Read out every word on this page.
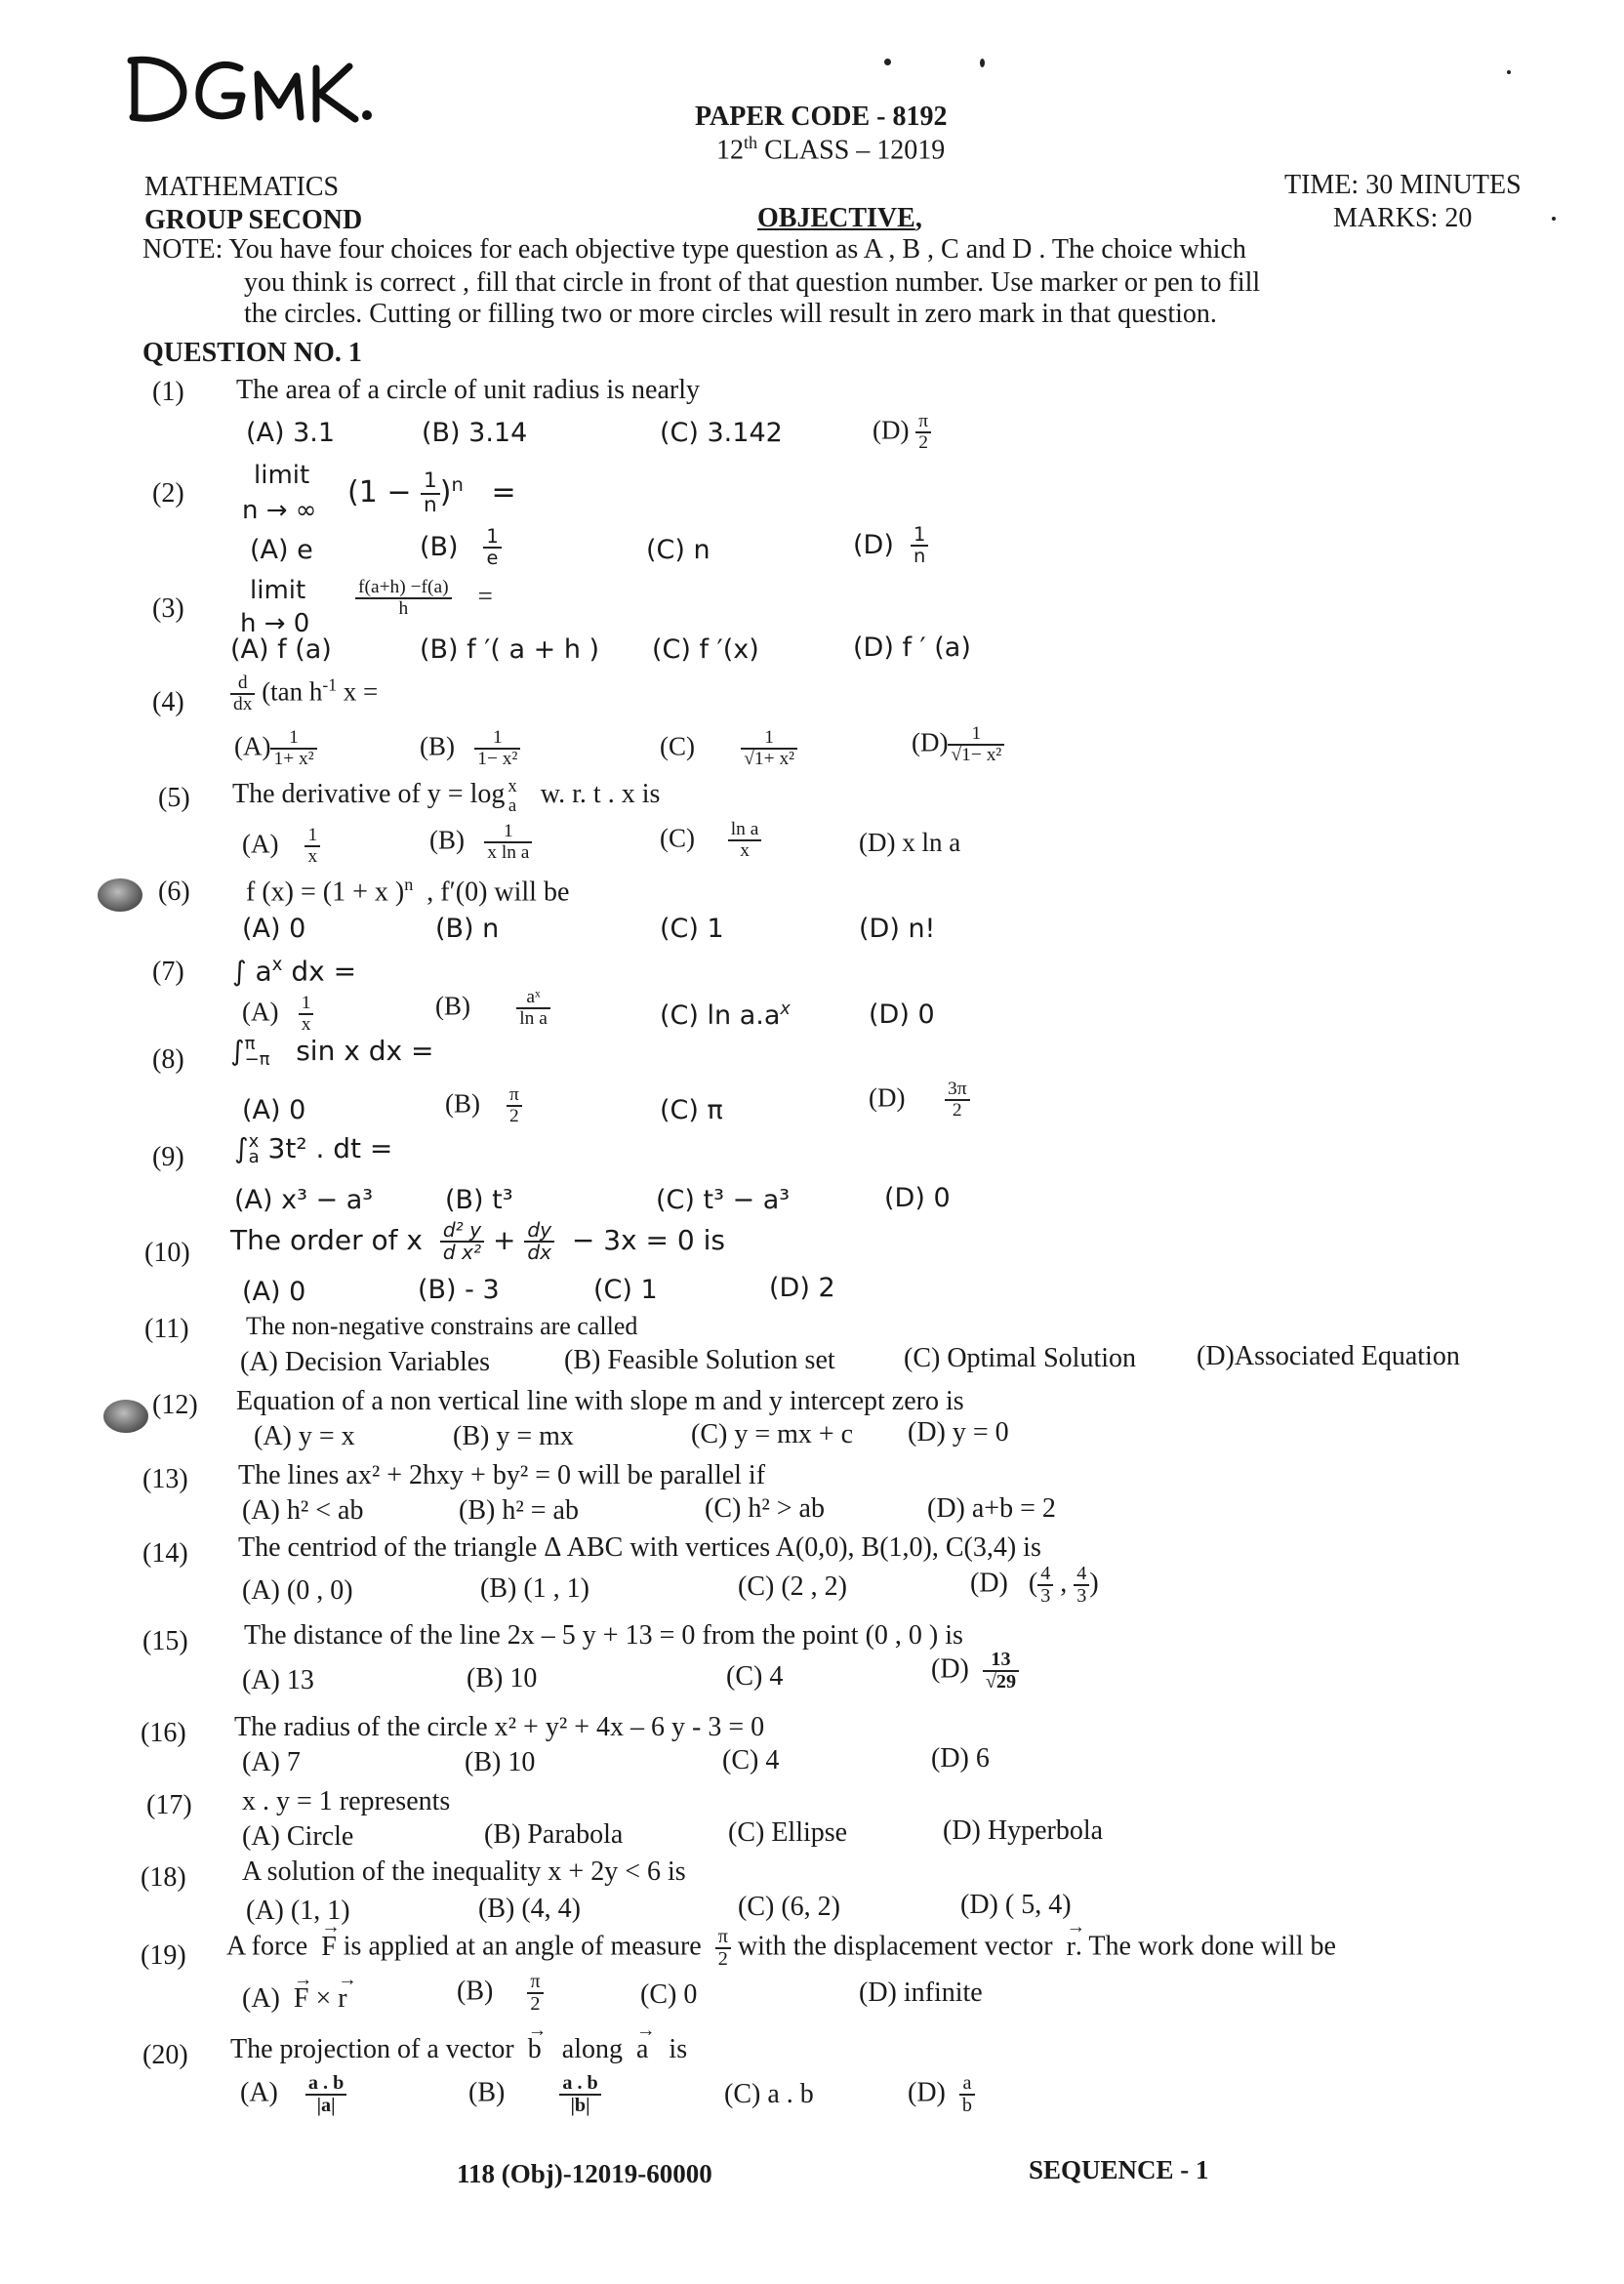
PAPER CODE - 8192
12th CLASS – 12019
MATHEMATICS
GROUP SECOND	OBJECTIVE,
TIME: 30 MINUTES
MARKS: 20
NOTE: You have four choices for each objective type question as A , B , C and D . The choice which
you think is correct , fill that circle in front of that question number. Use marker or pen to fill
the circles. Cutting or filling two or more circles will result in zero mark in that question.
QUESTION NO. 1
(1) The area of a circle of unit radius is nearly
(A) 3.1	(B) 3.14	(C) 3.142	$(D) \frac{\pi}{2}$
(2)
limit
n → ∞
$(1 - \frac{1}{n} )^n$ =
(A) e	$(B) \frac{1}{e}$	(C) n	$(D) \frac{1}{n}$
(3)
limit
h → 0
$\frac{f(a+h) -f(a)}{h}$ =
(A) f (a)	(B) f ′( a + h ) (C) f ′(x)	(D) f ′ (a)
$(4) \frac{d}{dx} (\tan$ $h^{-1}$ x =
$(A) \frac{1}{\text{1+ x²}}$	$(B) \frac{1}{\text{1− x²}}$	$(C) \frac{1}{\text{√1+ x²}}$	$(D) \frac{1}{\text{√1− x²}}$
(5) The derivative of y = log x
a w. r. t . x is
$(A) \frac{1}{x}$	$(B) \frac{1}{\text{x ln a}}$	$(C) \frac{\text{ln a}}{x}$	(D) x ln a
(6) f (x) = (1 + x )$^n$ , f′(0) will be
(A) 0	(B) n	(C) 1	(D) n!
(7) ∫ $a^x$ dx =
$(A) \frac{1}{x}$	$(B) \frac{\text{aˣ}}{\text{ln a}}$	(C) $\ln a.a^x$	(D) 0
(8) ∫ π
−π sin x dx =
(A) 0	$(B) \frac{\pi}{2}$	(C) π	$(D) \frac{3\pi}{2}$
(9) ∫ x
a 3t² . dt =
(A) x³ − a³	(B) t³	(C) t³ − a³	(D) 0
(10) The order of x $\frac{\text{d² y}}{\text{d x²}} + \frac{dy}{dx} - 3x = 0$ is
(A) 0	(B) - 3	(C) 1	(D) 2
(11) The non-negative constrains are called
(A) Decision Variables	(B) Feasible Solution set	(C) Optimal Solution (D)Associated Equation
(12) Equation of a non vertical line with slope m and y intercept zero is
(A) y = x	(B) y = mx	(C) y = mx + c (D) y = 0
(13) The lines ax² + 2hxy + by² = 0 will be parallel if
(A) h² < ab	(B) h² = ab	(C) h² > ab	(D) a+b = 2
(14) The centriod of the triangle Δ ABC with vertices A(0,0), B(1,0), C(3,4) is
(A) (0 , 0)	(B) (1 , 1)	(C) (2 , 2)	(D)   ( $\frac{4}{3}$ , $\frac{4}{3}$ )
(15) The distance of the line 2x – 5 y + 13 = 0 from the point (0 , 0 ) is
(A) 13	(B) 10	(C) 4	$(D) \frac{13}{√29}$
(16) The radius of the circle x² + y² + 4x – 6 y - 3 = 0
(A) 7	(B) 10	(C) 4	(D) 6
(17) x . y = 1 represents
(A) Circle	(B) Parabola	(C) Ellipse	(D) Hyperbola
(18) A solution of the inequality x + 2y < 6 is
(A) (1, 1)	(B) (4, 4)	(C) (6, 2)	(D) ( 5, 4)
(19) A force → F is applied at an angle of measure $\frac{\pi}{2}$ with the displacement vector → r. The work done will be
(A) → F × → r	$(B) \frac{\pi}{2}$	(C) 0	(D) infinite
(20) The projection of a vector → b along → a is
$(A) \frac{a . b}{|a|}$	(B)	$\frac{a . b}{|b|}$	(C) a . b	$(D) \frac{a}{b}$
118 (Obj)-12019-60000	SEQUENCE - 1
